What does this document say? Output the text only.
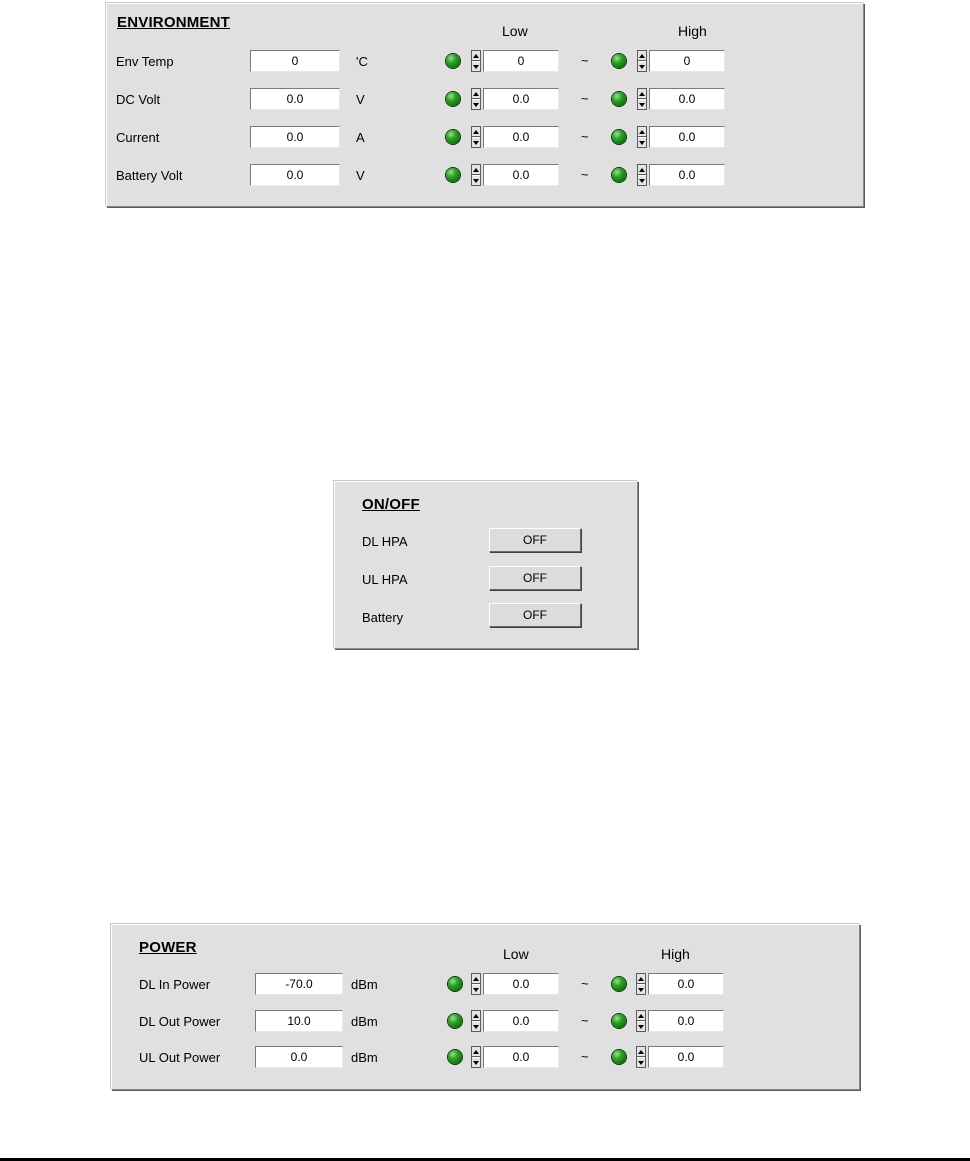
ENVIRONMENT	Low	High
Env Temp	0	'C	0	~	0
DC Volt	0.0	V	0.0	~	0.0
Current	0.0	A	0.0	~	0.0
Battery Volt	0.0	V	0.0	~	0.0
ON/OFF
DL HPA	OFF
UL HPA	OFF
Battery	OFF
POWER	Low	High
DL In Power	-70.0	dBm	0.0	~	0.0
DL Out Power	10.0	dBm	0.0	~	0.0
UL Out Power	0.0	dBm	0.0	~	0.0
